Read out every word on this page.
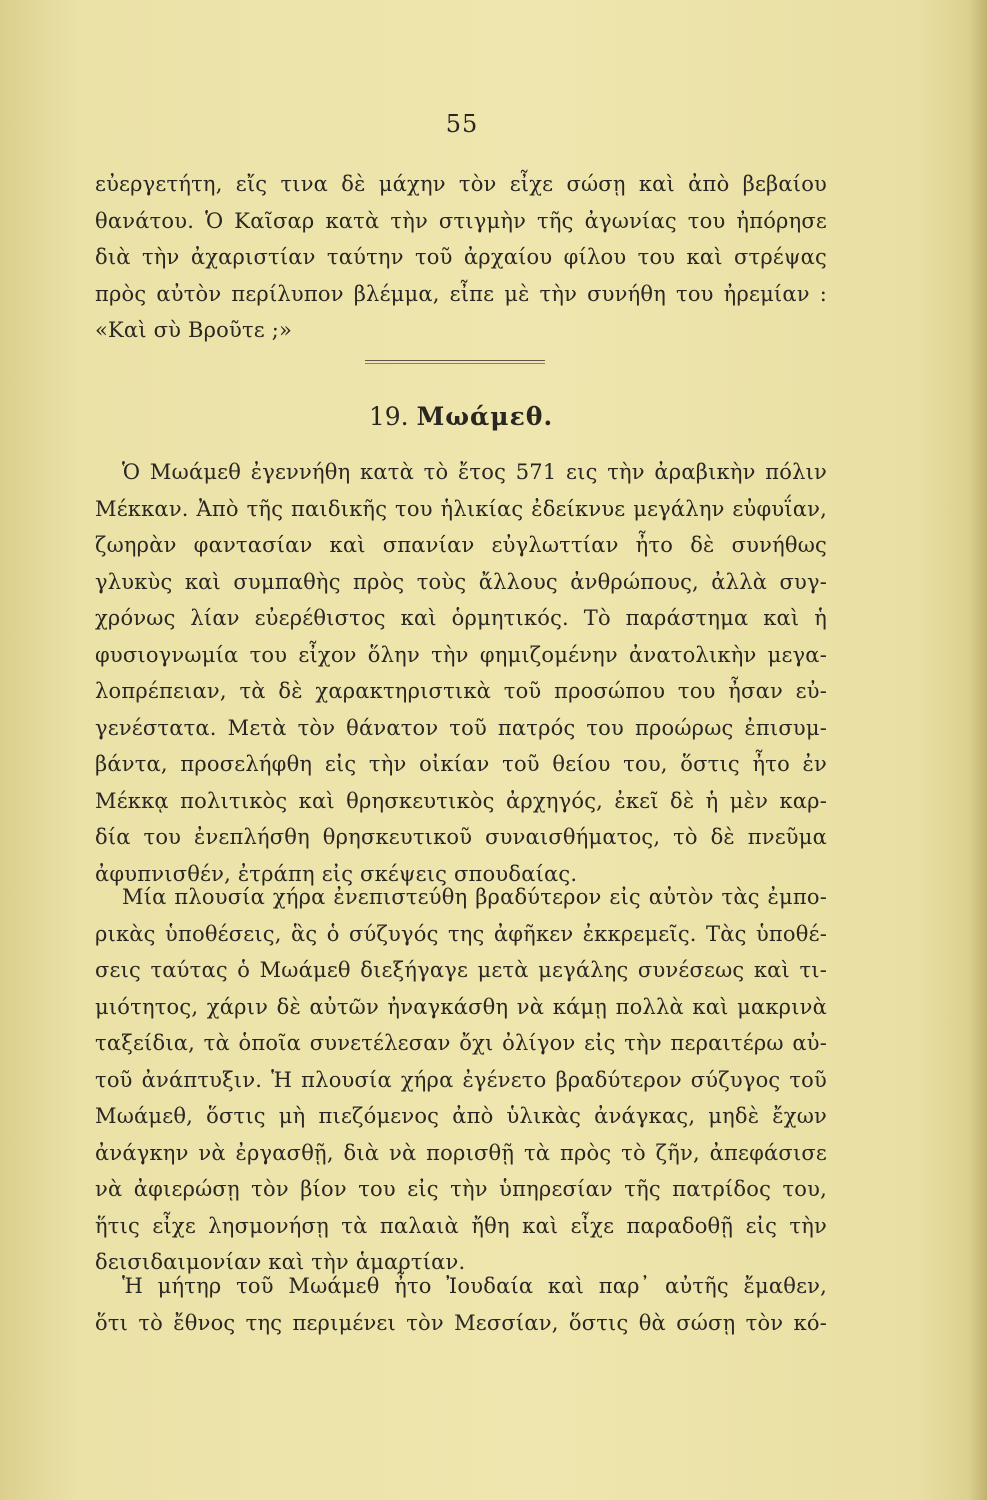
55
εὐεργετήτη, εἴς τινα δὲ μάχην τὸν εἶχε σώσῃ καὶ ἀπὸ βεβαίου
θανάτου. Ὁ Καῖσαρ κατὰ τὴν στιγμὴν τῆς ἀγωνίας του ἠπόρησε
διὰ τὴν ἀχαριστίαν ταύτην τοῦ ἀρχαίου φίλου του καὶ στρέψας
πρὸς αὐτὸν περίλυπον βλέμμα, εἶπε μὲ τὴν συνήθη του ἠρεμίαν :
«Καὶ σὺ Βροῦτε ;»
19. Μωάμεθ.
Ὁ Μωάμεθ ἐγεννήθη κατὰ τὸ ἔτος 571 εις τὴν ἀραβικὴν πόλιν
Μέκκαν. Ἀπὸ τῆς παιδικῆς του ἡλικίας ἐδείκνυε μεγάλην εὐφυΐαν,
ζωηρὰν φαντασίαν καὶ σπανίαν εὐγλωττίαν ἦτο δὲ συνήθως
γλυκὺς καὶ συμπαθὴς πρὸς τοὺς ἄλλους ἀνθρώπους, ἀλλὰ συγ-
χρόνως λίαν εὐερέθιστος καὶ ὁρμητικός. Τὸ παράστημα καὶ ἡ
φυσιογνωμία του εἶχον ὅλην τὴν φημιζομένην ἀνατολικὴν μεγα-
λοπρέπειαν, τὰ δὲ χαρακτηριστικὰ τοῦ προσώπου του ἦσαν εὐ-
γενέστατα. Μετὰ τὸν θάνατον τοῦ πατρός του προώρως ἐπισυμ-
βάντα, προσελήφθη εἰς τὴν οἰκίαν τοῦ θείου του, ὅστις ἦτο ἐν
Μέκκᾳ πολιτικὸς καὶ θρησκευτικὸς ἀρχηγός, ἐκεῖ δὲ ἡ μὲν καρ-
δία του ἐνεπλήσθη θρησκευτικοῦ συναισθήματος, τὸ δὲ πνεῦμα
ἀφυπνισθέν, ἐτράπη εἰς σκέψεις σπουδαίας.
Μία πλουσία χήρα ἐνεπιστεύθη βραδύτερον εἰς αὐτὸν τὰς ἐμπο-
ρικὰς ὑποθέσεις, ἃς ὁ σύζυγός της ἀφῆκεν ἐκκρεμεῖς. Τὰς ὑποθέ-
σεις ταύτας ὁ Μωάμεθ διεξήγαγε μετὰ μεγάλης συνέσεως καὶ τι-
μιότητος, χάριν δὲ αὐτῶν ἠναγκάσθη νὰ κάμῃ πολλὰ καὶ μακρινὰ
ταξείδια, τὰ ὁποῖα συνετέλεσαν ὄχι ὀλίγον εἰς τὴν περαιτέρω αὐ-
τοῦ ἀνάπτυξιν. Ἡ πλουσία χήρα ἐγένετο βραδύτερον σύζυγος τοῦ
Μωάμεθ, ὅστις μὴ πιεζόμενος ἀπὸ ὑλικὰς ἀνάγκας, μηδὲ ἔχων
ἀνάγκην νὰ ἐργασθῇ, διὰ νὰ πορισθῇ τὰ πρὸς τὸ ζῆν, ἀπεφάσισε
νὰ ἀφιερώσῃ τὸν βίον του εἰς τὴν ὑπηρεσίαν τῆς πατρίδος του,
ἥτις εἶχε λησμονήσῃ τὰ παλαιὰ ἤθη καὶ εἶχε παραδοθῇ εἰς τὴν
δεισιδαιμονίαν καὶ τὴν ἁμαρτίαν.
Ἡ μήτηρ τοῦ Μωάμεθ ἦτο Ἰουδαία καὶ παρ᾽ αὐτῆς ἔμαθεν,
ὅτι τὸ ἔθνος της περιμένει τὸν Μεσσίαν, ὅστις θὰ σώσῃ τὸν κό-
